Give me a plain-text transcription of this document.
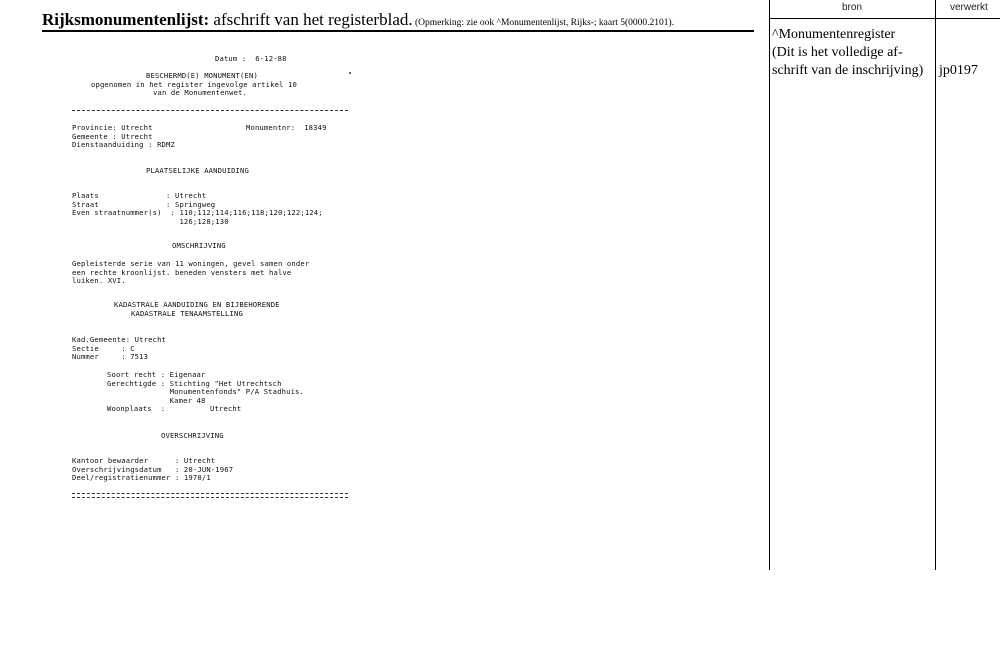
Rijksmonumentenlijst: afschrift van het registerblad. (Opmerking: zie ook ^Monumentenlijst, Rijks-; kaart 5(0000.2101).
bron	verwerkt
^Monumentenregister
(Dit is het volledige af-
schrift van de inschrijving) jp0197
Datum :  6-12-88
BESCHERMD(E) MONUMENT(EN)
opgenomen in het register ingevolge artikel 10
van de Monumentenwet.
Provincie: Utrecht	Monumentnr:  18349
Gemeente : Utrecht
Dienstaanduiding : RDMZ
PLAATSELIJKE AANDUIDING
Plaats               : Utrecht
Straat               : Springweg
Even straatnummer(s)  : 110;112;114;116;118;120;122;124;
126;128;130
OMSCHRIJVING
Gepleisterde serie van 11 woningen, gevel samen onder
een rechte kroonlijst. beneden vensters met halve
luiken. XVI.
KADASTRALE AANDUIDING EN BIJBEHORENDE
KADASTRALE TENAAMSTELLING
Kad.Gemeente: Utrecht
Sectie     : C
Nummer     : 7513
Soort recht : Eigenaar
Gerechtigde : Stichting "Het Utrechtsch
Monumentenfonds" P/A Stadhuis.
Kamer 48
Woonplaats  :          Utrecht
OVERSCHRIJVING
Kantoor bewaarder      : Utrecht
Overschrijvingsdatum   : 20-JUN-1967
Deel/registratienummer : 1970/1
